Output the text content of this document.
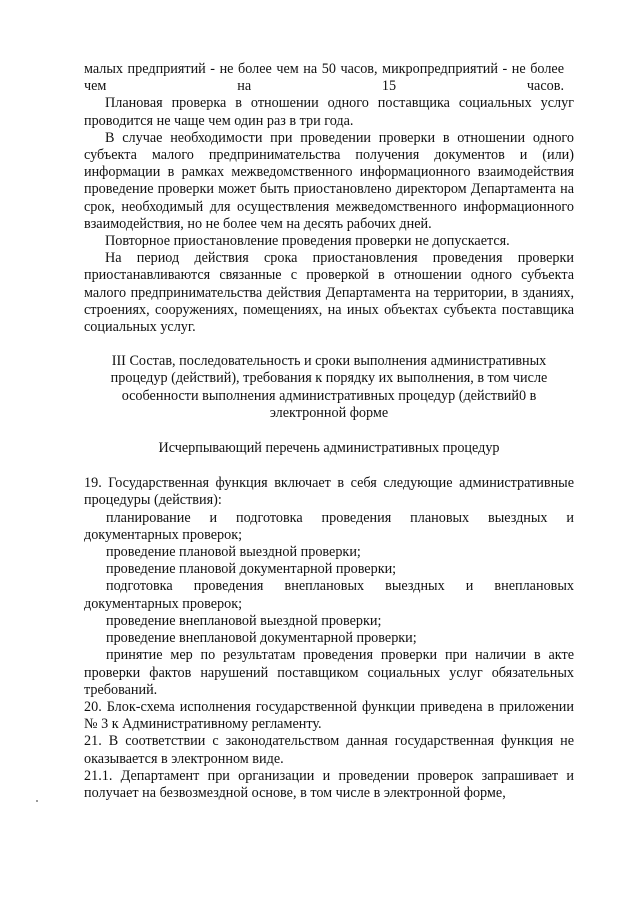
малых предприятий - не более чем на 50 часов, микропредприятий - не более чем на 15 часов.

Плановая проверка в отношении одного поставщика социальных услуг проводится не чаще чем один раз в три года.

В случае необходимости при проведении проверки в отношении одного субъекта малого предпринимательства получения документов и (или) информации в рамках межведомственного информационного взаимодействия проведение проверки может быть приостановлено директором Департамента на срок, необходимый для осуществления межведомственного информационного взаимодействия, но не более чем на десять рабочих дней.

Повторное приостановление проведения проверки не допускается.

На период действия срока приостановления проведения проверки приостанавливаются связанные с проверкой в отношении одного субъекта малого предпринимательства действия Департамента на территории, в зданиях, строениях, сооружениях, помещениях, на иных объектах субъекта поставщика социальных услуг.

III Состав, последовательность и сроки выполнения административных процедур (действий), требования к порядку их выполнения, в том числе особенности выполнения административных процедур (действий0 в электронной форме

Исчерпывающий перечень административных процедур

19. Государственная функция включает в себя следующие административные процедуры (действия):

планирование и подготовка проведения плановых выездных и документарных проверок;

проведение плановой выездной проверки;

проведение плановой документарной проверки;

подготовка проведения внеплановых выездных и внеплановых документарных проверок;

проведение внеплановой выездной проверки;

проведение внеплановой документарной проверки;

принятие мер по результатам проведения проверки при наличии в акте проверки фактов нарушений поставщиком социальных услуг обязательных требований.

20. Блок-схема исполнения государственной функции приведена в приложении № 3 к Административному регламенту.

21. В соответствии с законодательством данная государственная функция не оказывается в электронном виде.

21.1. Департамент при организации и проведении проверок запрашивает и получает на безвозмездной основе, в том числе в электронной форме,
